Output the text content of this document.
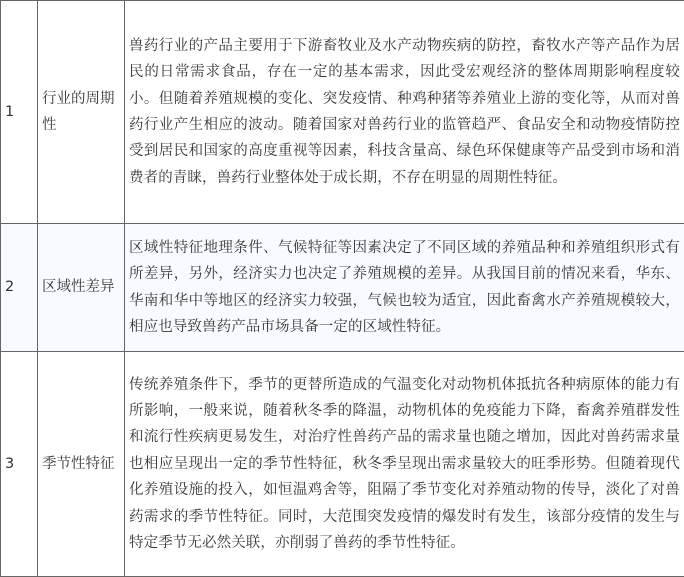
1	行业的周期性	兽药行业的产品主要用于下游畜牧业及水产动物疾病的防控，畜牧水产等产品作为居民的日常需求食品，存在一定的基本需求，因此受宏观经济的整体周期影响程度较小。但随着养殖规模的变化、突发疫情、种鸡种猪等养殖业上游的变化等，从而对兽药行业产生相应的波动。随着国家对兽药行业的监管趋严、食品安全和动物疫情防控受到居民和国家的高度重视等因素，科技含量高、绿色环保健康等产品受到市场和消费者的青睐，兽药行业整体处于成长期，不存在明显的周期性特征。
2	区域性差异	区域性特征地理条件、气候特征等因素决定了不同区域的养殖品种和养殖组织形式有所差异，另外，经济实力也决定了养殖规模的差异。从我国目前的情况来看，华东、华南和华中等地区的经济实力较强，气候也较为适宜，因此畜禽水产养殖规模较大，相应也导致兽药产品市场具备一定的区域性特征。
3	季节性特征	传统养殖条件下，季节的更替所造成的气温变化对动物机体抵抗各种病原体的能力有所影响，一般来说，随着秋冬季的降温，动物机体的免疫能力下降，畜禽养殖群发性和流行性疾病更易发生，对治疗性兽药产品的需求量也随之增加，因此对兽药需求量也相应呈现出一定的季节性特征，秋冬季呈现出需求量较大的旺季形势。但随着现代化养殖设施的投入，如恒温鸡舍等，阻隔了季节变化对养殖动物的传导，淡化了对兽药需求的季节性特征。同时，大范围突发疫情的爆发时有发生，该部分疫情的发生与特定季节无必然关联，亦削弱了兽药的季节性特征。
